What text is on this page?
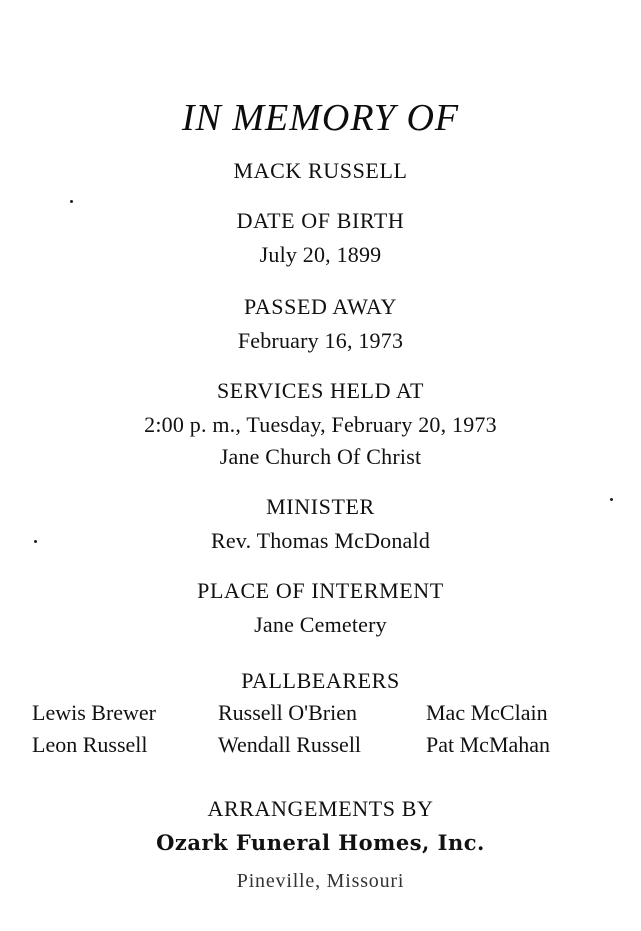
IN MEMORY OF
MACK RUSSELL
DATE OF BIRTH
July 20, 1899
PASSED AWAY
February 16, 1973
SERVICES HELD AT
2:00 p. m., Tuesday, February 20, 1973
Jane Church Of Christ
MINISTER
Rev. Thomas McDonald
PLACE OF INTERMENT
Jane Cemetery
PALLBEARERS
Lewis Brewer	Russell O'Brien	Mac McClain
Leon Russell	Wendall Russell	Pat McMahan
ARRANGEMENTS BY
Ozark Funeral Homes, Inc.
Pineville, Missouri
